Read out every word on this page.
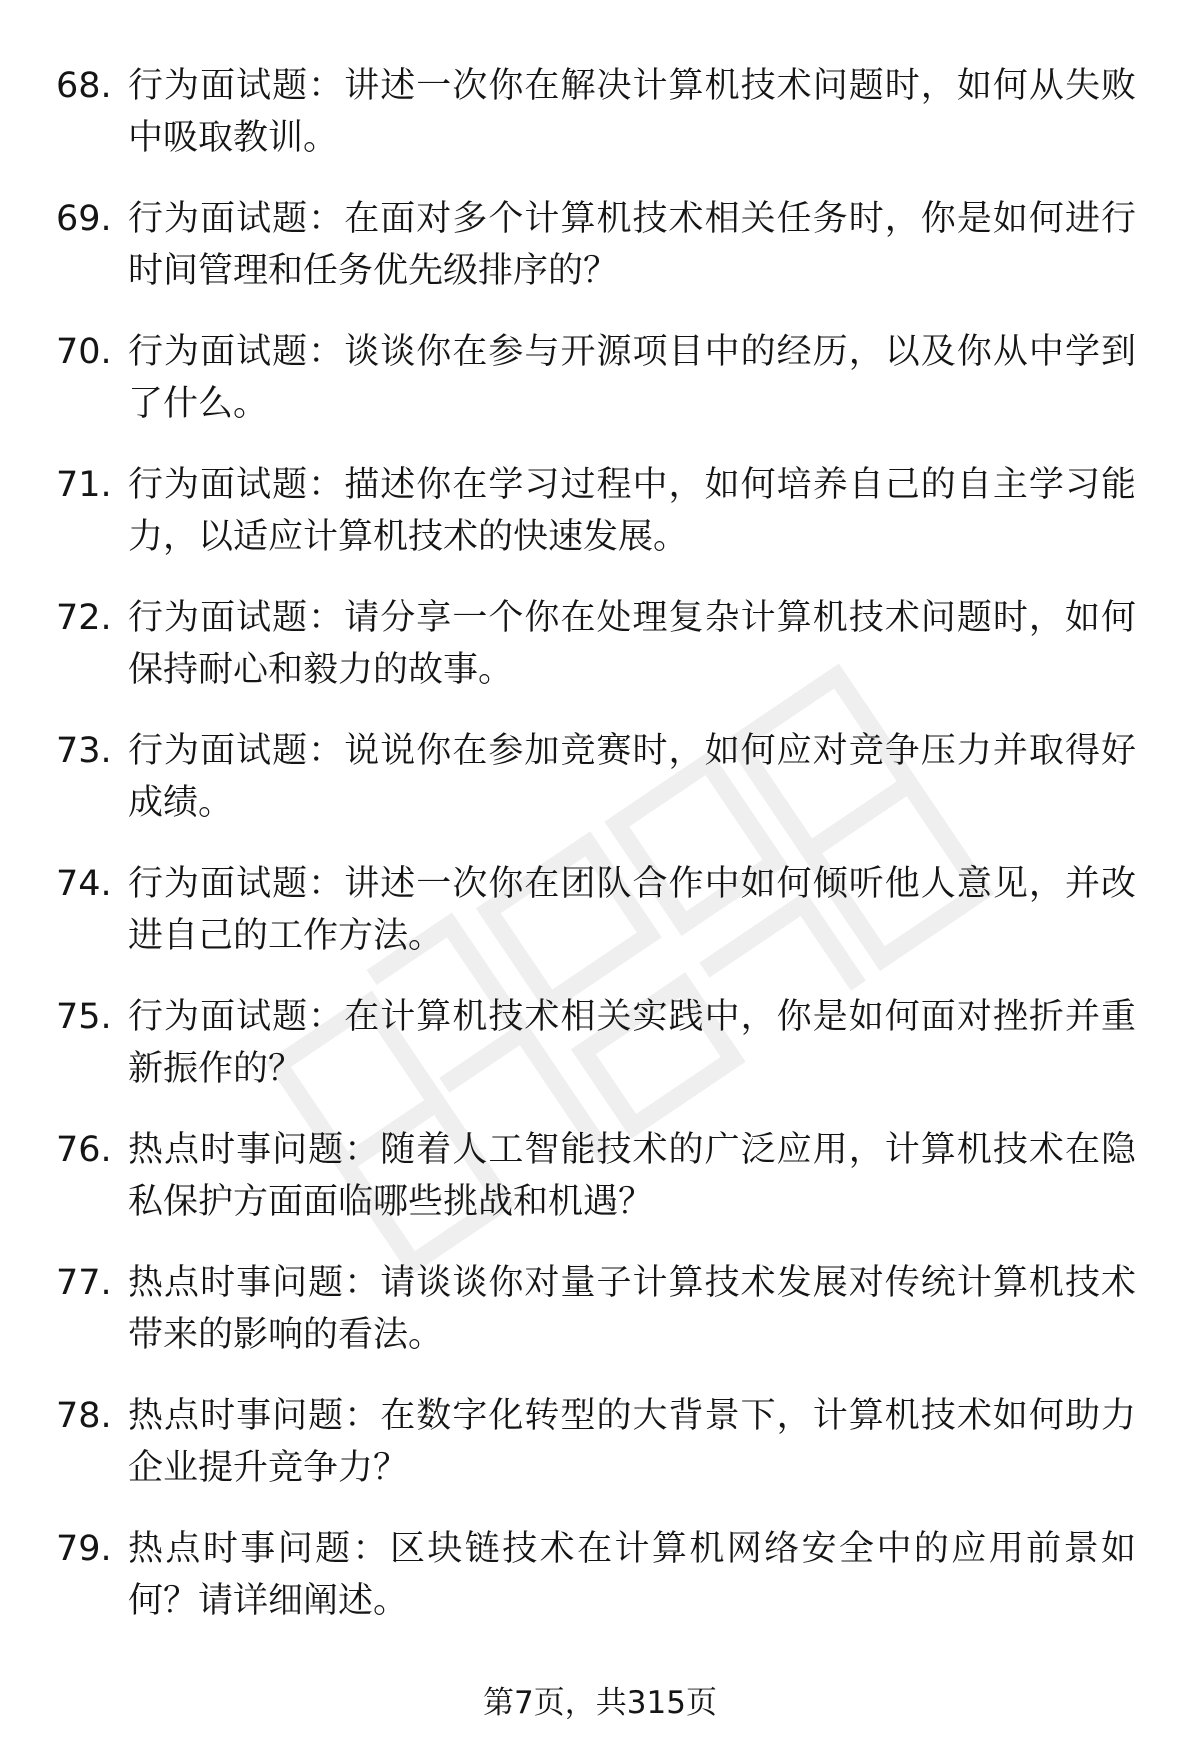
68. 行为面试题：讲述一次你在解决计算机技术问题时，如何从失败中吸取教训。
69. 行为面试题：在面对多个计算机技术相关任务时，你是如何进行时间管理和任务优先级排序的？
70. 行为面试题：谈谈你在参与开源项目中的经历，以及你从中学到了什么。
71. 行为面试题：描述你在学习过程中，如何培养自己的自主学习能力，以适应计算机技术的快速发展。
72. 行为面试题：请分享一个你在处理复杂计算机技术问题时，如何保持耐心和毅力的故事。
73. 行为面试题：说说你在参加竞赛时，如何应对竞争压力并取得好成绩。
74. 行为面试题：讲述一次你在团队合作中如何倾听他人意见，并改进自己的工作方法。
75. 行为面试题：在计算机技术相关实践中，你是如何面对挫折并重新振作的？
76. 热点时事问题：随着人工智能技术的广泛应用，计算机技术在隐私保护方面面临哪些挑战和机遇？
77. 热点时事问题：请谈谈你对量子计算技术发展对传统计算机技术带来的影响的看法。
78. 热点时事问题：在数字化转型的大背景下，计算机技术如何助力企业提升竞争力？
79. 热点时事问题：区块链技术在计算机网络安全中的应用前景如何？请详细阐述。
第7页，共315页
